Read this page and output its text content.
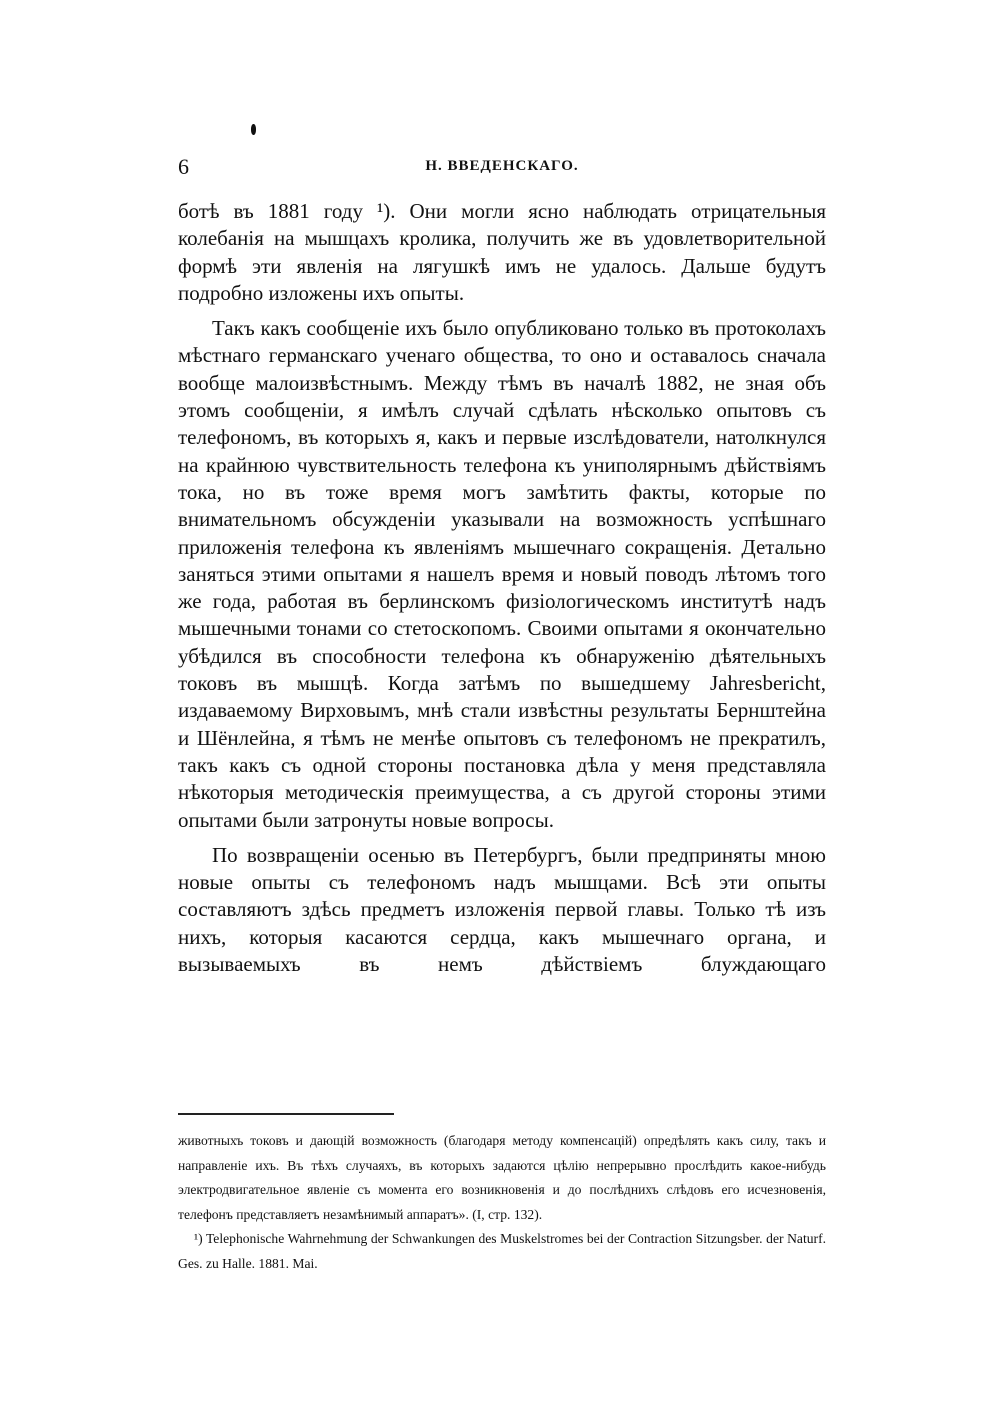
6	Н. ВВЕДЕНСКАГО.

ботѣ въ 1881 году ¹). Они могли ясно наблюдать отрицательныя колебанія на мышцахъ кролика, получить же въ удовлетворительной формѣ эти явленія на лягушкѣ имъ не удалось. Дальше будутъ подробно изложены ихъ опыты.

Такъ какъ сообщеніе ихъ было опубликовано только въ протоколахъ мѣстнаго германскаго ученаго общества, то оно и оставалось сначала вообще малоизвѣстнымъ. Между тѣмъ въ началѣ 1882, не зная объ этомъ сообщеніи, я имѣлъ случай сдѣлать нѣсколько опытовъ съ телефономъ, въ которыхъ я, какъ и первые изслѣдователи, натолкнулся на крайнюю чувствительность телефона къ униполярнымъ дѣйствіямъ тока, но въ тоже время могъ замѣтить факты, которые по внимательномъ обсужденіи указывали на возможность успѣшнаго приложенія телефона къ явленіямъ мышечнаго сокращенія. Детально заняться этими опытами я нашелъ время и новый поводъ лѣтомъ того же года, работая въ берлинскомъ физіологическомъ институтѣ надъ мышечными тонами со стетоскопомъ. Своими опытами я окончательно убѣдился въ способности телефона къ обнаруженію дѣятельныхъ токовъ въ мышцѣ. Когда затѣмъ по вышедшему Jahresbericht, издаваемому Вирховымъ, мнѣ стали извѣстны результаты Бернштейна и Шёнлейна, я тѣмъ не менѣе опытовъ съ телефономъ не прекратилъ, такъ какъ съ одной стороны постановка дѣла у меня представляла нѣкоторыя методическія преимущества, а съ другой стороны этими опытами были затронуты новые вопросы.

По возвращеніи осенью въ Петербургъ, были предприняты мною новые опыты съ телефономъ надъ мышцами. Всѣ эти опыты составляютъ здѣсь предметъ изложенія первой главы. Только тѣ изъ нихъ, которыя касаются сердца, какъ мышечнаго органа, и вызываемыхъ въ немъ дѣйствіемъ блуждающаго

животныхъ токовъ и дающій возможность (благодаря методу компенсацій) опредѣлять какъ силу, такъ и направленіе ихъ. Въ тѣхъ случаяхъ, въ которыхъ задаются цѣлію непрерывно прослѣдить какое-нибудь электродвигательное явленіе съ момента его возникновенія и до послѣднихъ слѣдовъ его исчезновенія, телефонъ представляетъ незамѣнимый аппаратъ». (I, стр. 132).

¹) Telephonische Wahrnehmung der Schwankungen des Muskelstromes bei der Contraction Sitzungsber. der Naturf. Ges. zu Halle. 1881. Mai.
